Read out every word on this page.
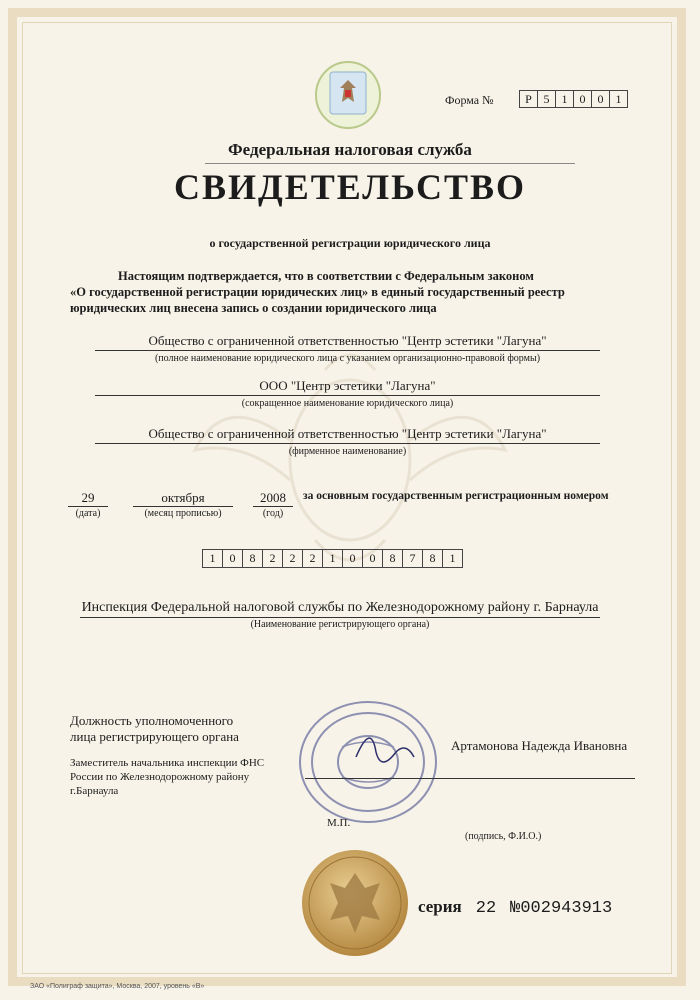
Форма №	Р 5	1	0	0	1
Федеральная налоговая служба
СВИДЕТЕЛЬСТВО
о государственной регистрации юридического лица
Настоящим подтверждается, что в соответствии с Федеральным законом
«О государственной регистрации юридических лиц» в единый государственный реестр
юридических лиц внесена запись о создании юридического лица
Общество с ограниченной ответственностью "Центр эстетики "Лагуна"
(полное наименование юридического лица с указанием организационно-правовой формы)
ООО "Центр эстетики "Лагуна"
(сокращенное наименование юридического лица)
Общество с ограниченной ответственностью "Центр эстетики "Лагуна"
(фирменное наименование)
29
(дата)
октября
(месяц прописью)
2008
(год)
за основным государственным регистрационным номером
1	0	8	2	2	2	1	0	0	8	7	8	1
Инспекция Федеральной налоговой службы по Железнодорожному району г. Барнаула
(Наименование регистрирующего органа)
Должность уполномоченного
лица регистрирующего органа
Заместитель начальника инспекции ФНС
России по Железнодорожному району
г.Барнаула
Артамонова Надежда Ивановна
М.П.
(подпись, Ф.И.О.)
серия 22 №002943913
ЗАО «Полиграф защита», Москва, 2007, уровень «В»
